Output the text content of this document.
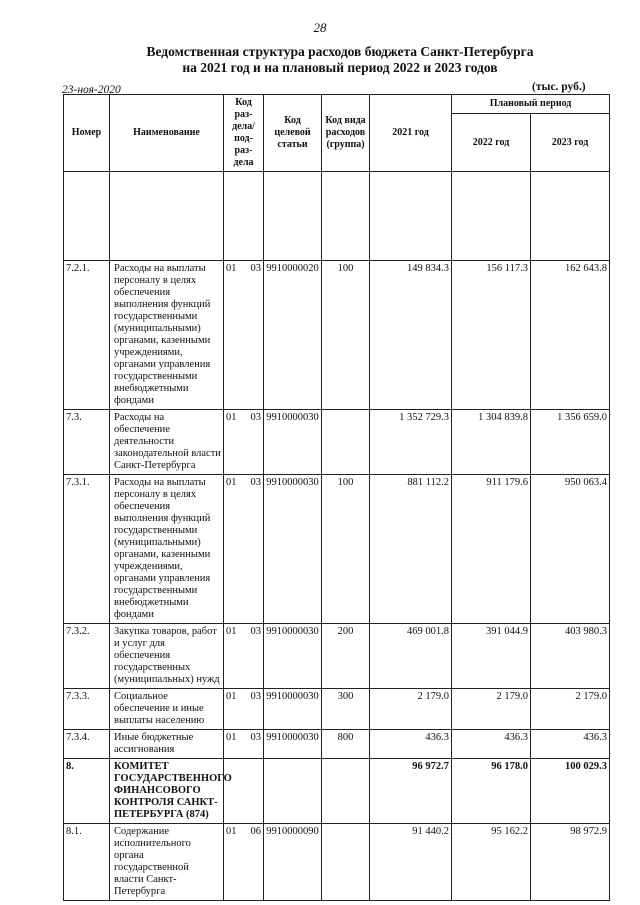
28
Ведомственная структура расходов бюджета Санкт-Петербурга
на 2021 год и на плановый период 2022 и 2023 годов
23-ноя-2020	(тыс. руб.)
Номер	Наименование	Код раз-дела/ под-раз-дела		Код целевой статьи	Код вида расходов (группа)	2021 год	Плановый период	
							2022 год	2023 год

7.2.1.	Расходы на выплаты персоналу в целях обеспечения выполнения функций государственными (муниципальными) органами, казенными учреждениями, органами управления государственными внебюджетными фондами	01	03	9910000020	100	149 834.3	156 117.3	162 643.8
7.3.	Расходы на обеспечение деятельности законодательной власти Санкт-Петербурга	01	03	9910000030		1 352 729.3	1 304 839.8	1 356 659.0
7.3.1.	Расходы на выплаты персоналу в целях обеспечения выполнения функций государственными (муниципальными) органами, казенными учреждениями, органами управления государственными внебюджетными фондами	01	03	9910000030	100	881 112.2	911 179.6	950 063.4
7.3.2.	Закупка товаров, работ и услуг для обеспечения государственных (муниципальных) нужд	01	03	9910000030	200	469 001.8	391 044.9	403 980.3
7.3.3.	Социальное обеспечение и иные выплаты населению	01	03	9910000030	300	2 179.0	2 179.0	2 179.0
7.3.4.	Иные бюджетные ассигнования	01	03	9910000030	800	436.3	436.3	436.3
8.	КОМИТЕТ ГОСУДАРСТВЕННОГО ФИНАНСОВОГО КОНТРОЛЯ САНКТ-ПЕТЕРБУРГА (874)					96 972.7	96 178.0	100 029.3
8.1.	Содержание исполнительного органа государственной власти Санкт-Петербурга	01	06	9910000090		91 440.2	95 162.2	98 972.9
